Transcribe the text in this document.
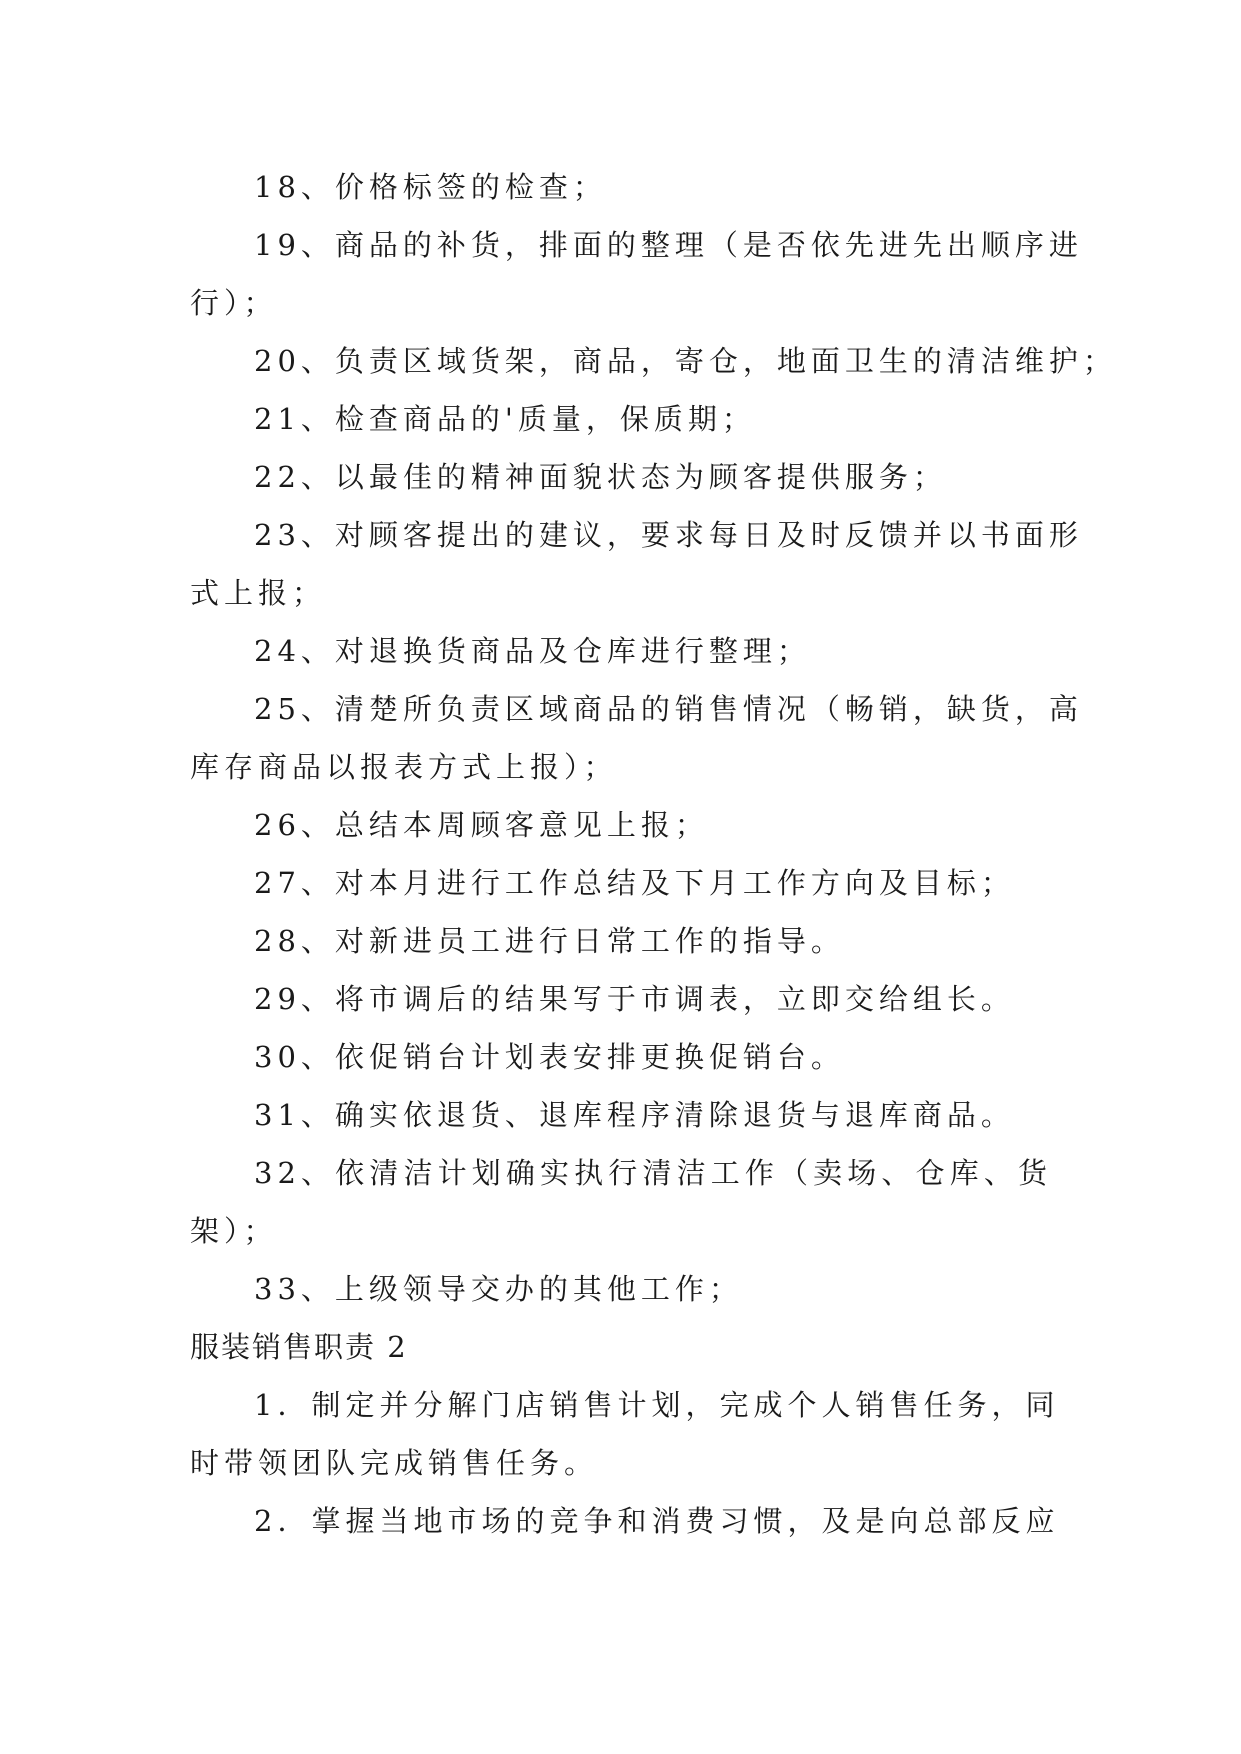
18、价格标签的检查；
19、商品的补货，排面的整理（是否依先进先出顺序进
行）；
20、负责区域货架，商品，寄仓，地面卫生的清洁维护；
21、检查商品的'质量，保质期；
22、以最佳的精神面貌状态为顾客提供服务；
23、对顾客提出的建议，要求每日及时反馈并以书面形
式上报；
24、对退换货商品及仓库进行整理；
25、清楚所负责区域商品的销售情况（畅销，缺货，高
库存商品以报表方式上报）；
26、总结本周顾客意见上报；
27、对本月进行工作总结及下月工作方向及目标；
28、对新进员工进行日常工作的指导。
29、将市调后的结果写于市调表，立即交给组长。
30、依促销台计划表安排更换促销台。
31、确实依退货、退库程序清除退货与退库商品。
32、依清洁计划确实执行清洁工作（卖场、仓库、货
架）；
33、上级领导交办的其他工作；
服装销售职责 2
1．制定并分解门店销售计划，完成个人销售任务，同
时带领团队完成销售任务。
2．掌握当地市场的竞争和消费习惯，及是向总部反应
